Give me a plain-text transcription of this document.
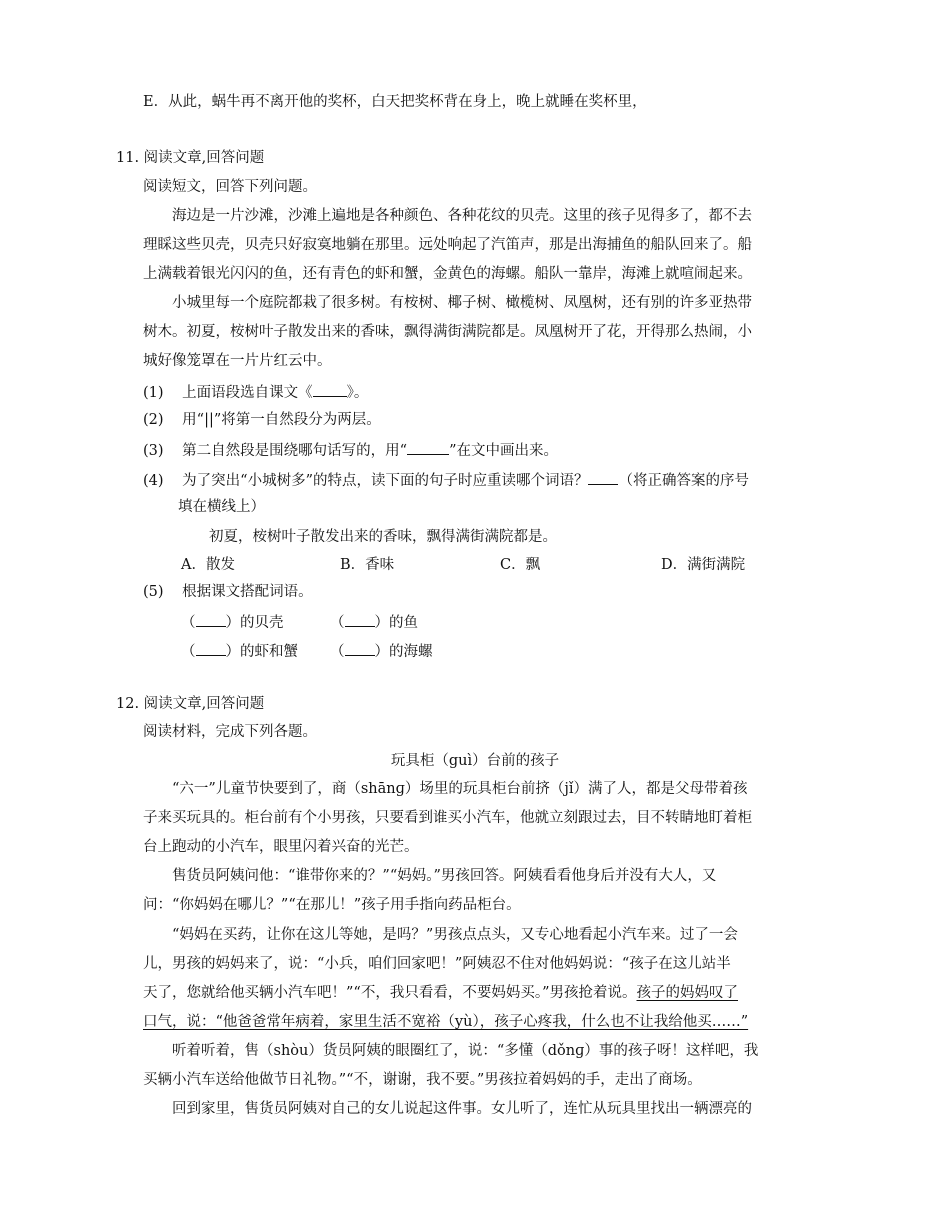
E．从此，蜗牛再不离开他的奖杯，白天把奖杯背在身上，晚上就睡在奖杯里，
11. 阅读文章,回答问题
阅读短文，回答下列问题。
海边是一片沙滩，沙滩上遍地是各种颜色、各种花纹的贝壳。这里的孩子见得多了，都不去
理睬这些贝壳，贝壳只好寂寞地躺在那里。远处响起了汽笛声，那是出海捕鱼的船队回来了。船
上满载着银光闪闪的鱼，还有青色的虾和蟹，金黄色的海螺。船队一靠岸，海滩上就喧闹起来。
小城里每一个庭院都栽了很多树。有桉树、椰子树、橄榄树、凤凰树，还有别的许多亚热带
树木。初夏，桉树叶子散发出来的香味，飘得满街满院都是。凤凰树开了花，开得那么热闹，小
城好像笼罩在一片片红云中。
(1) 上面语段选自课文《 》。
(2) 用“||”将第一自然段分为两层。
(3) 第二自然段是围绕哪句话写的，用“	”在文中画出来。
(4) 为了突出“小城树多”的特点，读下面的句子时应重读哪个词语？ （将正确答案的序号
填在横线上）
初夏，桉树叶子散发出来的香味，飘得满街满院都是。
A．散发	B．香味	C．飘	D．满街满院
(5) 根据课文搭配词语。
（ ）的贝壳	（ ）的鱼
（ ）的虾和蟹 （ ）的海螺
12. 阅读文章,回答问题
阅读材料，完成下列各题。
玩具柜（guì）台前的孩子
“六一”儿童节快要到了，商（shānɡ）场里的玩具柜台前挤（jǐ）满了人，都是父母带着孩
子来买玩具的。柜台前有个小男孩，只要看到谁买小汽车，他就立刻跟过去，目不转睛地盯着柜
台上跑动的小汽车，眼里闪着兴奋的光芒。
售货员阿姨问他：“谁带你来的？”“妈妈。”男孩回答。阿姨看看他身后并没有大人，又
问：“你妈妈在哪儿？”“在那儿！”孩子用手指向药品柜台。
“妈妈在买药，让你在这儿等她，是吗？”男孩点点头，又专心地看起小汽车来。过了一会
儿，男孩的妈妈来了，说：“小兵，咱们回家吧！”阿姨忍不住对他妈妈说：“孩子在这儿站半
天了，您就给他买辆小汽车吧！”“不，我只看看，不要妈妈买。”男孩抢着说。孩子的妈妈叹了
口气，说：“他爸爸常年病着，家里生活不宽裕（yù），孩子心疼我，什么也不让我给他买……”
听着听着，售（shòu）货员阿姨的眼圈红了，说：“多懂（dǒnɡ）事的孩子呀！这样吧，我
买辆小汽车送给他做节日礼物。”“不，谢谢，我不要。”男孩拉着妈妈的手，走出了商场。
回到家里，售货员阿姨对自己的女儿说起这件事。女儿听了，连忙从玩具里找出一辆漂亮的
